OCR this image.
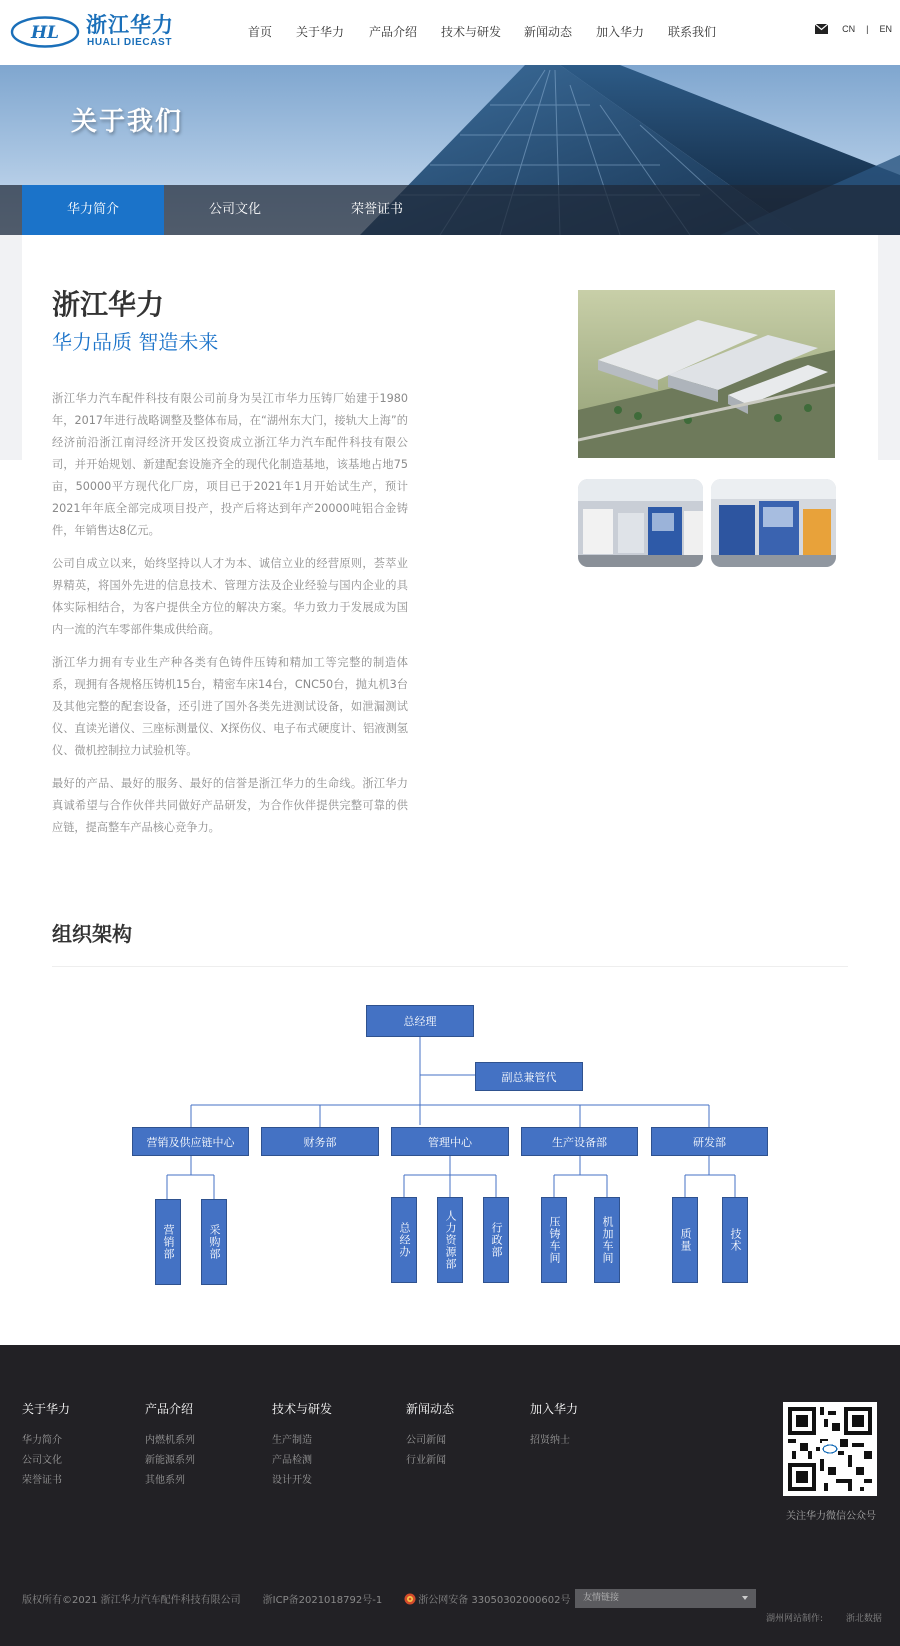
HL 浙江华力
HUALI DIECAST
首页	关于华力	产品介绍	技术与研发	新闻动态	加入华力	联系我们	CN | EN
关于我们
华力简介	公司文化	荣誉证书
浙江华力
华力品质 智造未来

浙江华力汽车配件科技有限公司前身为吴江市华力压铸厂始建于1980年，2017年进行战略调整及整体布局，在“湖州东大门，接轨大上海”的经济前沿浙江南浔经济开发区投资成立浙江华力汽车配件科技有限公司，并开始规划、新建配套设施齐全的现代化制造基地，该基地占地75亩，50000平方现代化厂房，项目已于2021年1月开始试生产，预计2021年年底全部完成项目投产，投产后将达到年产20000吨铝合金铸件，年销售达8亿元。

公司自成立以来，始终坚持以人才为本、诚信立业的经营原则，荟萃业界精英，将国外先进的信息技术、管理方法及企业经验与国内企业的具体实际相结合，为客户提供全方位的解决方案。华力致力于发展成为国内一流的汽车零部件集成供给商。

浙江华力拥有专业生产种各类有色铸件压铸和精加工等完整的制造体系，现拥有各规格压铸机15台，精密车床14台，CNC50台，抛丸机3台及其他完整的配套设备，还引进了国外各类先进测试设备，如泄漏测试仪、直读光谱仪、三座标测量仪、X探伤仪、电子布式硬度计、铝液测氢仪、微机控制拉力试验机等。

最好的产品、最好的服务、最好的信誉是浙江华力的生命线。浙江华力真诚希望与合作伙伴共同做好产品研发，为合作伙伴提供完整可靠的供应链，提高整车产品核心竞争力。

组织架构
总经理
副总兼管代
营销及供应链中心	财务部	管理中心	生产设备部	研发部
营销部	采购部	总经办	人力资源部	行政部	压铸车间	机加车间	质量	技术
关于华力
华力简介
公司文化
荣誉证书
产品介绍
内燃机系列
新能源系列
其他系列
技术与研发
生产制造
产品检测
设计开发
新闻动态
公司新闻
行业新闻
加入华力
招贤纳士
关注华力微信公众号
版权所有©2021 浙江华力汽车配件科技有限公司 浙ICP备2021018792号-1	浙公网安备 33050302000602号	友情链接
湖州网站制作:	浙北数据
